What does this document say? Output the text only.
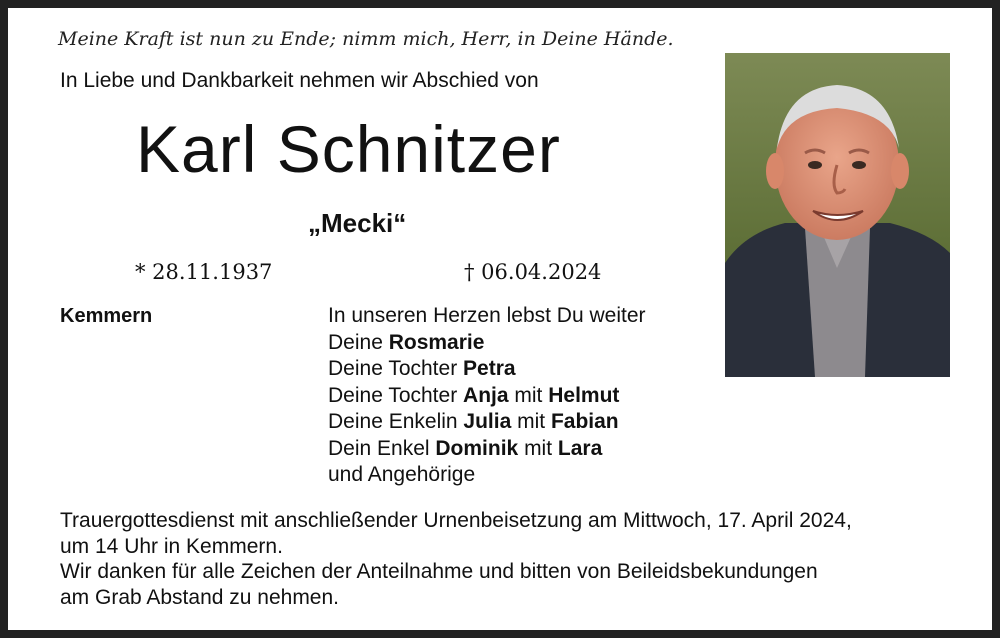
Meine Kraft ist nun zu Ende; nimm mich, Herr, in Deine Hände.
In Liebe und Dankbarkeit nehmen wir Abschied von
Karl Schnitzer
„Mecki“
* 28.11.1937	† 06.04.2024
Kemmern	In unseren Herzen lebst Du weiter
Deine Rosmarie
Deine Tochter Petra
Deine Tochter Anja mit Helmut
Deine Enkelin Julia mit Fabian
Dein Enkel Dominik mit Lara
und Angehörige
Trauergottesdienst mit anschließender Urnenbeisetzung am Mittwoch, 17. April 2024,
um 14 Uhr in Kemmern.
Wir danken für alle Zeichen der Anteilnahme und bitten von Beileidsbekundungen
am Grab Abstand zu nehmen.
